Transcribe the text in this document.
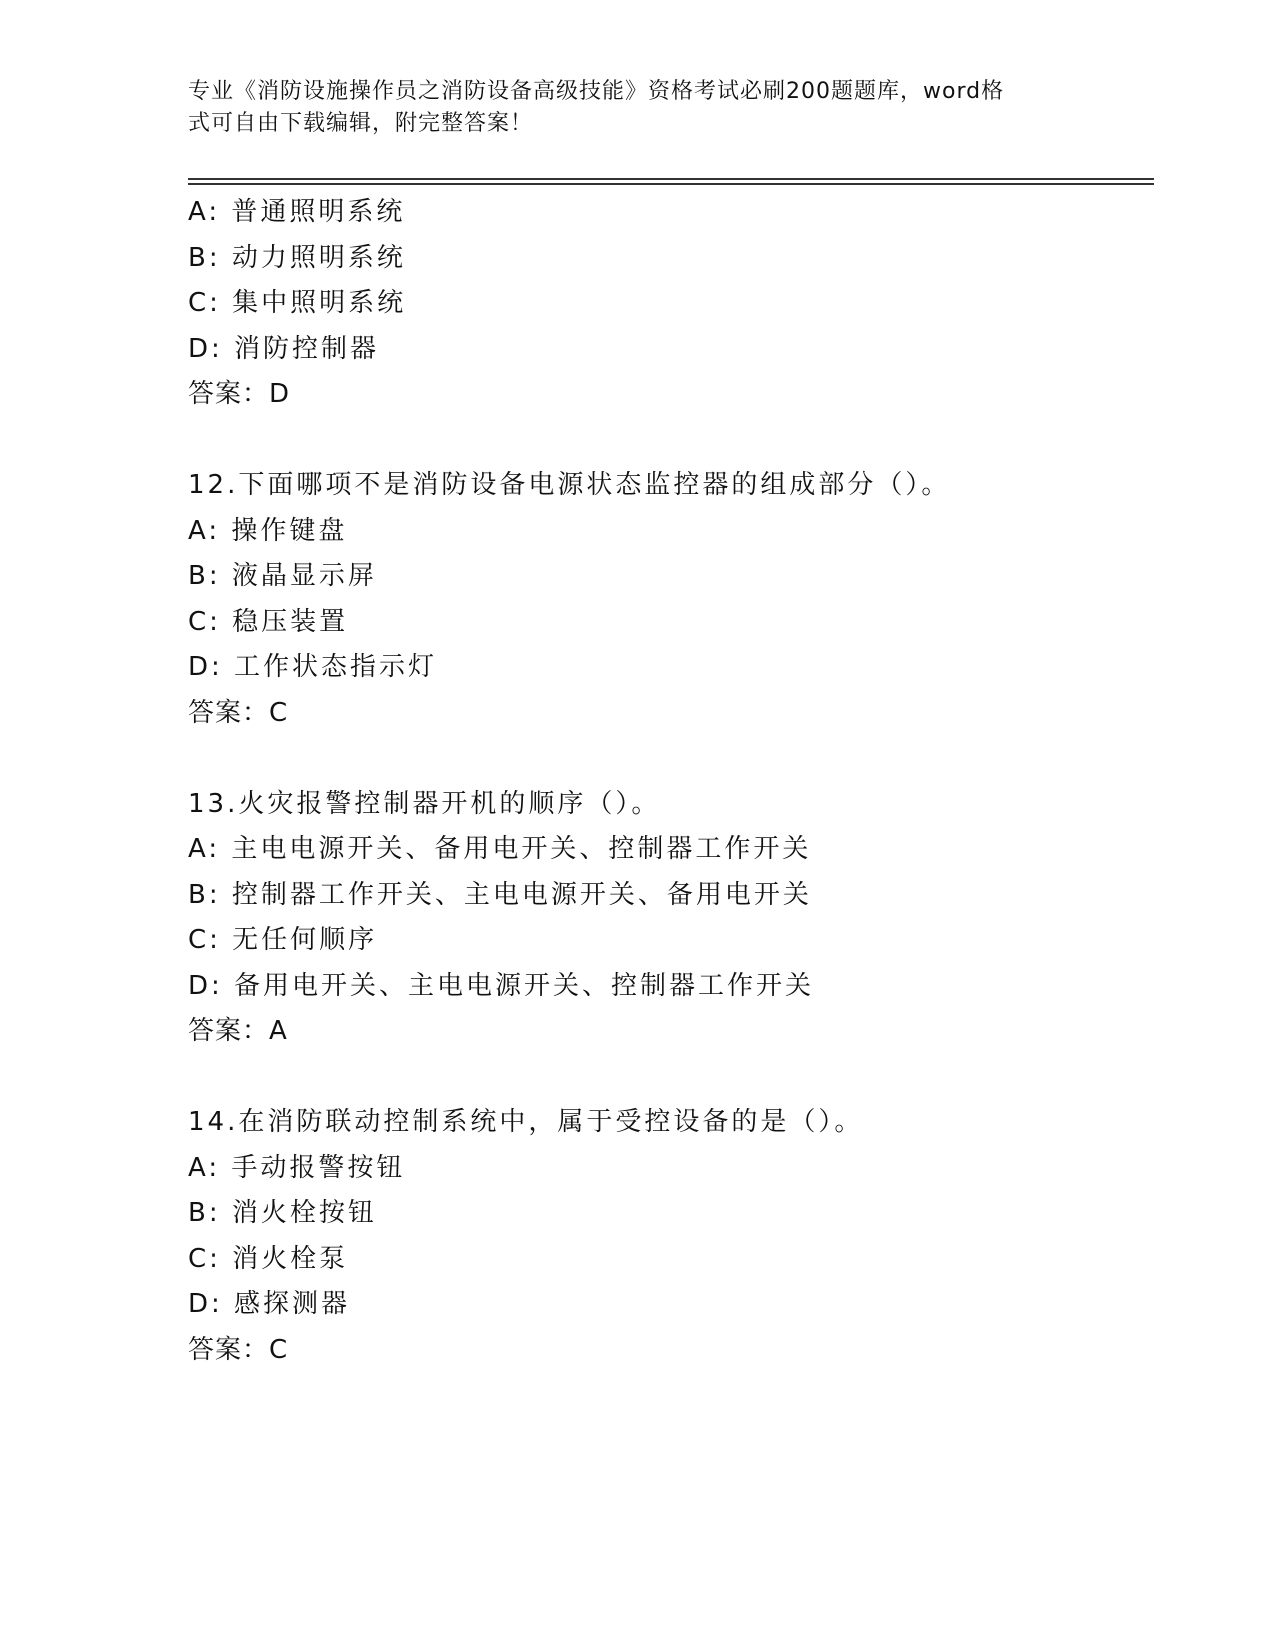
专业《消防设施操作员之消防设备高级技能》资格考试必刷200题题库，word格
式可自由下载编辑，附完整答案！
A: 普通照明系统
B: 动力照明系统
C: 集中照明系统
D: 消防控制器
答案：D
12.下面哪项不是消防设备电源状态监控器的组成部分（）。
A: 操作键盘
B: 液晶显示屏
C: 稳压装置
D: 工作状态指示灯
答案：C
13.火灾报警控制器开机的顺序（）。
A: 主电电源开关、备用电开关、控制器工作开关
B: 控制器工作开关、主电电源开关、备用电开关
C: 无任何顺序
D: 备用电开关、主电电源开关、控制器工作开关
答案：A
14.在消防联动控制系统中，属于受控设备的是（）。
A: 手动报警按钮
B: 消火栓按钮
C: 消火栓泵
D: 感探测器
答案：C
